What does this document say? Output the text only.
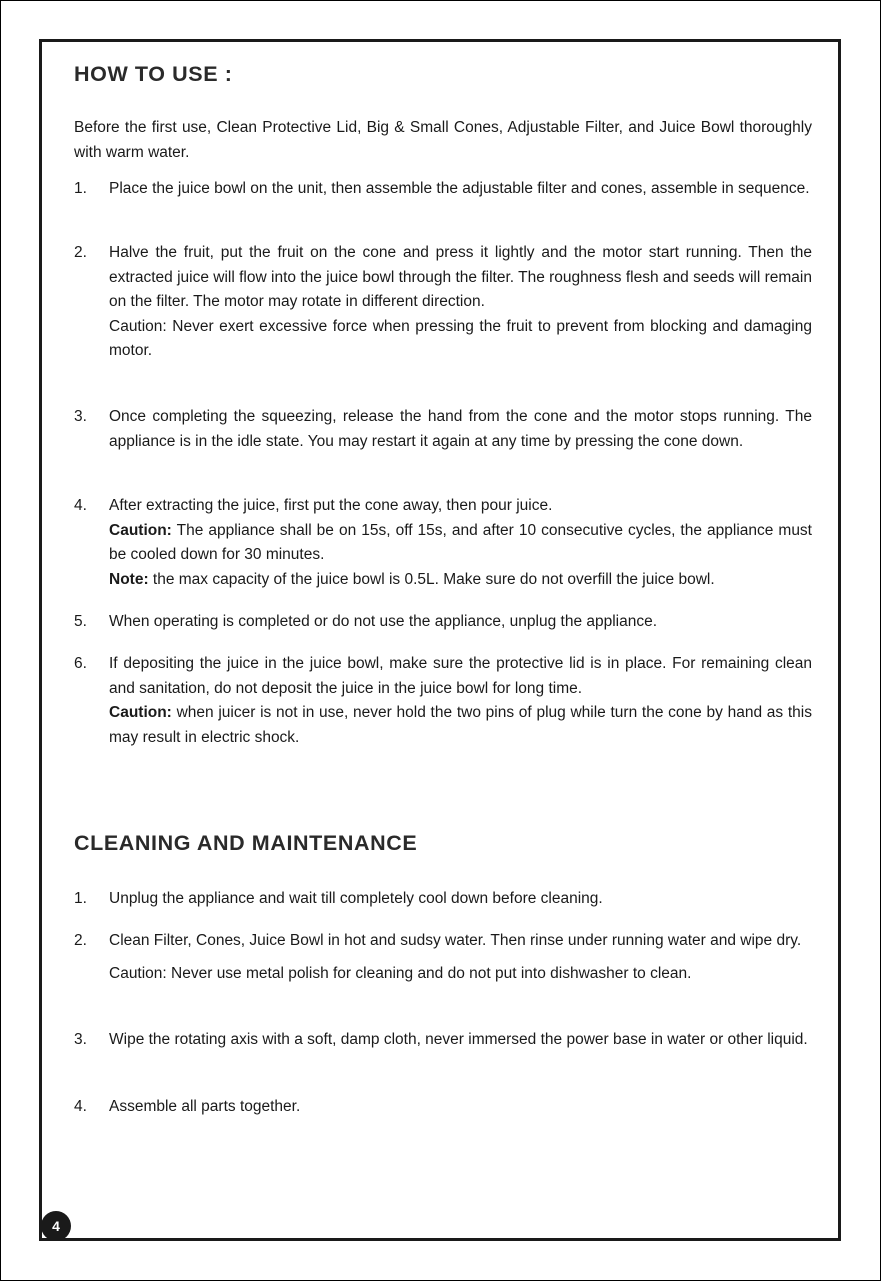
HOW TO USE :

Before the first use, Clean Protective Lid, Big & Small Cones, Adjustable Filter, and Juice Bowl thoroughly with warm water.

1. Place the juice bowl on the unit, then assemble the adjustable filter and cones, assemble in sequence.
2. Halve the fruit, put the fruit on the cone and press it lightly and the motor start running. Then the extracted juice will flow into the juice bowl through the filter. The roughness flesh and seeds will remain on the filter. The motor may rotate in different direction.
Caution: Never exert excessive force when pressing the fruit to prevent from blocking and damaging motor.
3. Once completing the squeezing, release the hand from the cone and the motor stops running. The appliance is in the idle state. You may restart it again at any time by pressing the cone down.
4. After extracting the juice, first put the cone away, then pour juice.
Caution: The appliance shall be on 15s, off 15s, and after 10 consecutive cycles, the appliance must be cooled down for 30 minutes.
Note: the max capacity of the juice bowl is 0.5L. Make sure do not overfill the juice bowl.
5. When operating is completed or do not use the appliance, unplug the appliance.
6. If depositing the juice in the juice bowl, make sure the protective lid is in place. For remaining clean and sanitation, do not deposit the juice in the juice bowl for long time.
Caution: when juicer is not in use, never hold the two pins of plug while turn the cone by hand as this may result in electric shock.
CLEANING AND MAINTENANCE
1. Unplug the appliance and wait till completely cool down before cleaning.
2. Clean Filter, Cones, Juice Bowl in hot and sudsy water. Then rinse under running water and wipe dry.
Caution: Never use metal polish for cleaning and do not put into dishwasher to clean.
3. Wipe the rotating axis with a soft, damp cloth, never immersed the power base in water or other liquid.
4. Assemble all parts together.
4
